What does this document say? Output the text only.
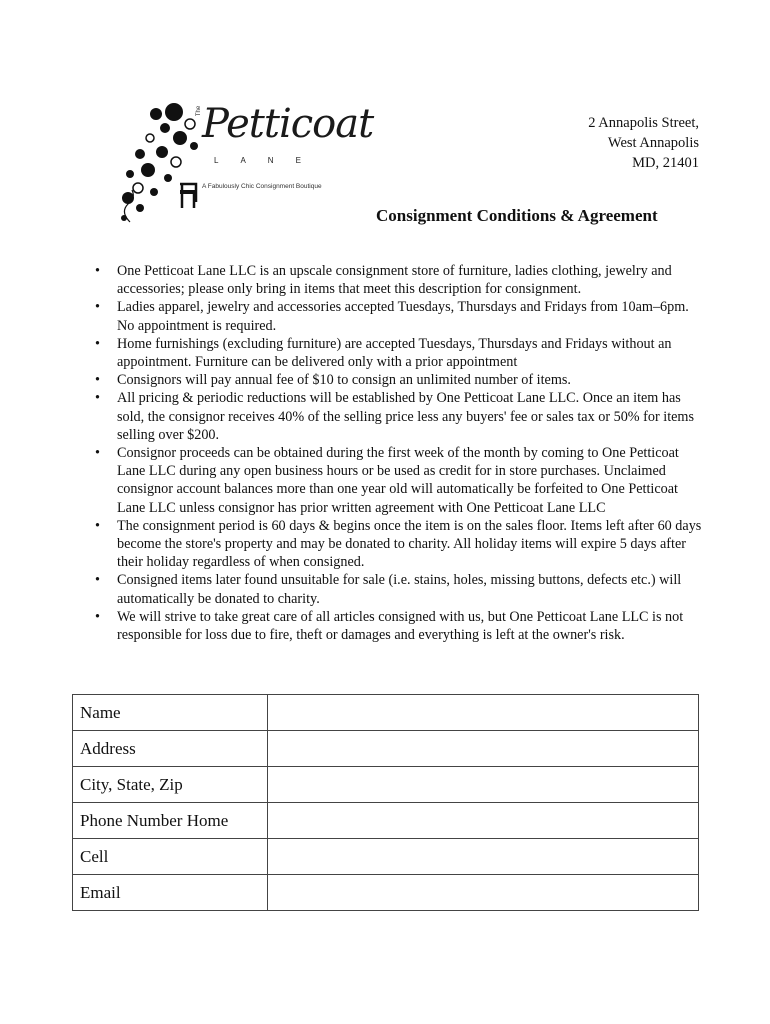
The Petticoat
LANE
A Fabulously Chic Consignment Boutique
2 Annapolis Street,
West Annapolis
MD, 21401
Consignment Conditions & Agreement
• One Petticoat Lane LLC is an upscale consignment store of furniture, ladies clothing, jewelry and accessories; please only bring in items that meet this description for consignment.
• Ladies apparel, jewelry and accessories accepted Tuesdays, Thursdays and Fridays from 10am–6pm. No appointment is required.
• Home furnishings (excluding furniture) are accepted Tuesdays, Thursdays and Fridays without an appointment. Furniture can be delivered only with a prior appointment
• Consignors will pay annual fee of $10 to consign an unlimited number of items.
• All pricing & periodic reductions will be established by One Petticoat Lane LLC. Once an item has sold, the consignor receives 40% of the selling price less any buyers' fee or sales tax or 50% for items selling over $200.
• Consignor proceeds can be obtained during the first week of the month by coming to One Petticoat Lane LLC during any open business hours or be used as credit for in store purchases. Unclaimed consignor account balances more than one year old will automatically be forfeited to One Petticoat Lane LLC unless consignor has prior written agreement with One Petticoat Lane LLC
• The consignment period is 60 days & begins once the item is on the sales floor. Items left after 60 days become the store's property and may be donated to charity. All holiday items will expire 5 days after their holiday regardless of when consigned.
• Consigned items later found unsuitable for sale (i.e. stains, holes, missing buttons, defects etc.) will automatically be donated to charity.
• We will strive to take great care of all articles consigned with us, but One Petticoat Lane LLC is not responsible for loss due to fire, theft or damages and everything is left at the owner's risk.
Name	
Address	
City, State, Zip	
Phone Number Home	
Cell	
Email	
